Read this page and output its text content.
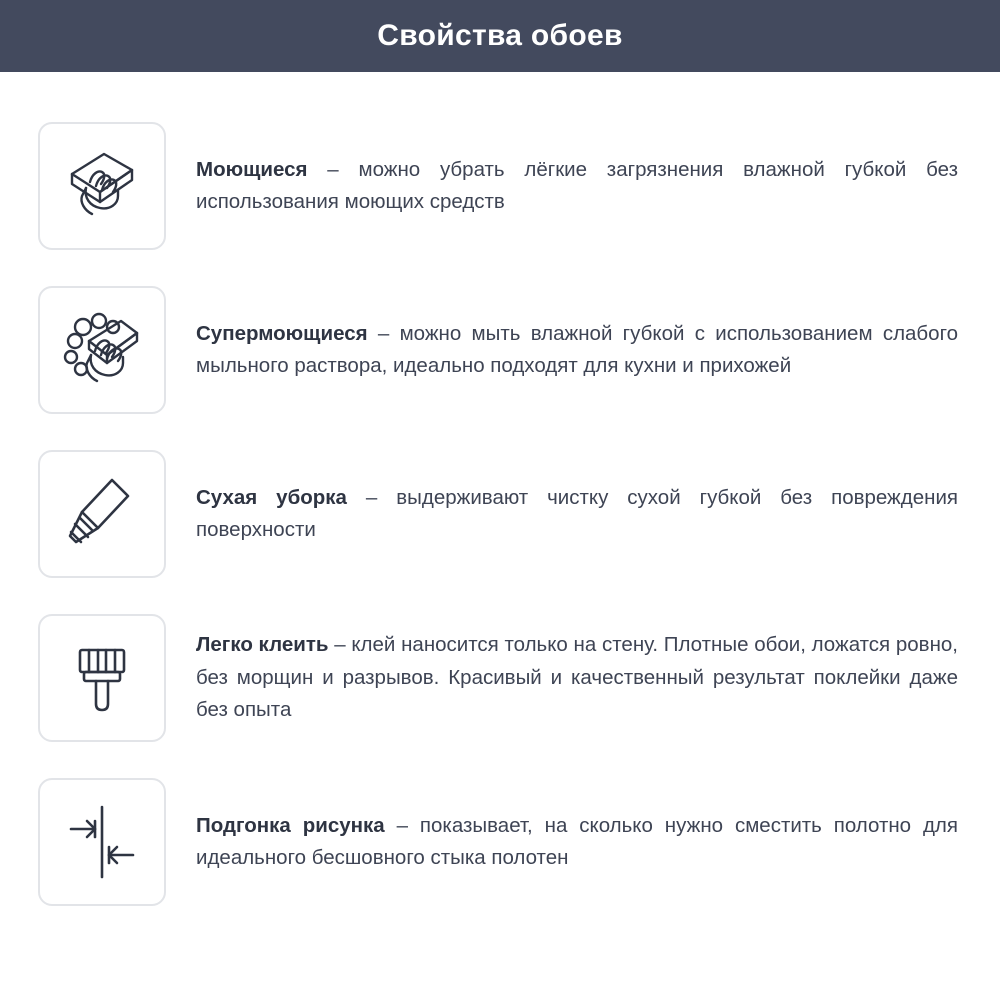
Свойства обоев
Моющиеся – можно убрать лёгкие загрязнения влажной губкой без использования моющих средств
Супермоющиеся – можно мыть влажной губкой с использованием слабого мыльного раствора, идеально подходят для кухни и прихожей
Сухая уборка – выдерживают чистку сухой губкой без повреждения поверхности
Легко клеить – клей наносится только на стену. Плотные обои, ложатся ровно, без морщин и разрывов. Красивый и качественный результат поклейки даже без опыта
Подгонка рисунка – показывает, на сколько нужно сместить полотно для идеального бесшовного стыка полотен
